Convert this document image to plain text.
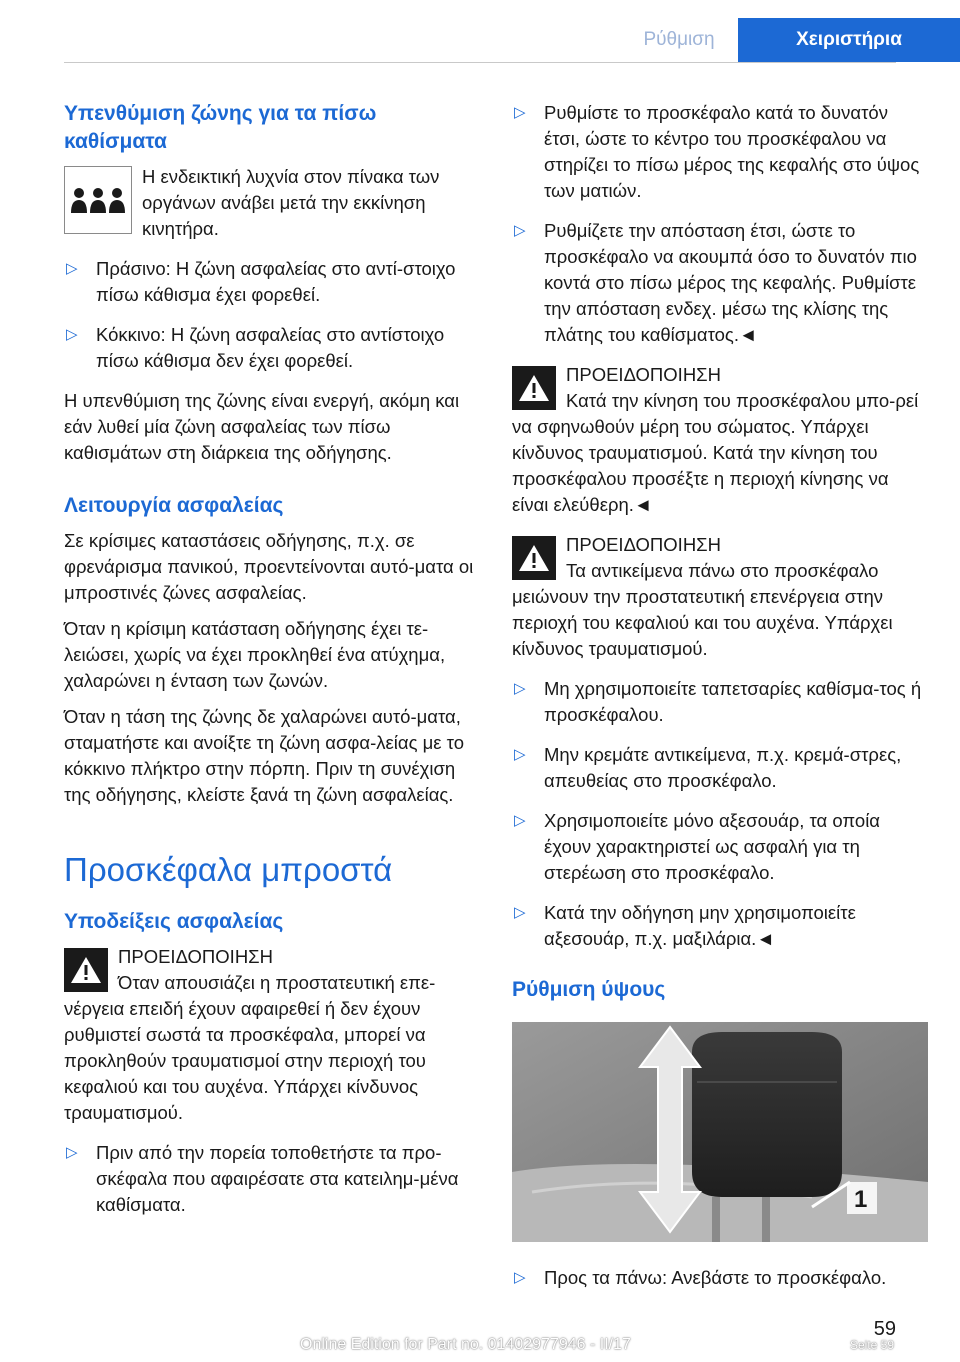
Ρύθμιση	Χειριστήρια
Υπενθύμιση ζώνης για τα πίσω καθίσματα
Η ενδεικτική λυχνία στον πίνακα των οργάνων ανάβει μετά την εκκίνηση κινητήρα.
▷ Πράσινο: Η ζώνη ασφαλείας στο αντί-στοιχο πίσω κάθισμα έχει φορεθεί.
▷ Κόκκινο: Η ζώνη ασφαλείας στο αντίστοιχο πίσω κάθισμα δεν έχει φορεθεί.

Η υπενθύμιση της ζώνης είναι ενεργή, ακόμη και εάν λυθεί μία ζώνη ασφαλείας των πίσω καθισμάτων στη διάρκεια της οδήγησης.

Λειτουργία ασφαλείας

Σε κρίσιμες καταστάσεις οδήγησης, π.χ. σε φρενάρισμα πανικού, προεντείνονται αυτό-ματα οι μπροστινές ζώνες ασφαλείας.

Όταν η κρίσιμη κατάσταση οδήγησης έχει τε-λειώσει, χωρίς να έχει προκληθεί ένα ατύχημα, χαλαρώνει η ένταση των ζωνών.

Όταν η τάση της ζώνης δε χαλαρώνει αυτό-ματα, σταματήστε και ανοίξτε τη ζώνη ασφα-λείας με το κόκκινο πλήκτρο στην πόρπη. Πριν τη συνέχιση της οδήγησης, κλείστε ξανά τη ζώνη ασφαλείας.

Προσκέφαλα μπροστά
Υποδείξεις ασφαλείας
ΠΡΟΕΙΔΟΠΟΙΗΣΗ
Όταν απουσιάζει η προστατευτική επε-νέργεια επειδή έχουν αφαιρεθεί ή δεν έχουν ρυθμιστεί σωστά τα προσκέφαλα, μπορεί να προκληθούν τραυματισμοί στην περιοχή του κεφαλιού και του αυχένα. Υπάρχει κίνδυνος τραυματισμού.
▷ Πριν από την πορεία τοποθετήστε τα προ-σκέφαλα που αφαιρέσατε στα κατειλημ-μένα καθίσματα.
▷ Ρυθμίστε το προσκέφαλο κατά το δυνατόν έτσι, ώστε το κέντρο του προσκέφαλου να στηρίζει το πίσω μέρος της κεφαλής στο ύψος των ματιών.
▷ Ρυθμίζετε την απόσταση έτσι, ώστε το προσκέφαλο να ακουμπά όσο το δυνατόν πιο κοντά στο πίσω μέρος της κεφαλής. Ρυθμίστε την απόσταση ενδεχ. μέσω της κλίσης της πλάτης του καθίσματος.◄
ΠΡΟΕΙΔΟΠΟΙΗΣΗ
Κατά την κίνηση του προσκέφαλου μπο-ρεί να σφηνωθούν μέρη του σώματος. Υπάρχει κίνδυνος τραυματισμού. Κατά την κίνηση του προσκέφαλου προσέξτε η περιοχή κίνησης να είναι ελεύθερη.◄
ΠΡΟΕΙΔΟΠΟΙΗΣΗ
Τα αντικείμενα πάνω στο προσκέφαλο μειώνουν την προστατευτική επενέργεια στην περιοχή του κεφαλιού και του αυχένα. Υπάρχει κίνδυνος τραυματισμού.
▷ Μη χρησιμοποιείτε ταπετσαρίες καθίσμα-τος ή προσκέφαλου.
▷ Μην κρεμάτε αντικείμενα, π.χ. κρεμά-στρες, απευθείας στο προσκέφαλο.
▷ Χρησιμοποιείτε μόνο αξεσουάρ, τα οποία έχουν χαρακτηριστεί ως ασφαλή για τη στερέωση στο προσκέφαλο.
▷ Κατά την οδήγηση μην χρησιμοποιείτε αξεσουάρ, π.χ. μαξιλάρια.◄
Ρύθμιση ύψους
1
▷ Προς τα πάνω: Ανεβάστε το προσκέφαλο.
Online Edition for Part no. 01402977946 - II/17	Seite 59
59
